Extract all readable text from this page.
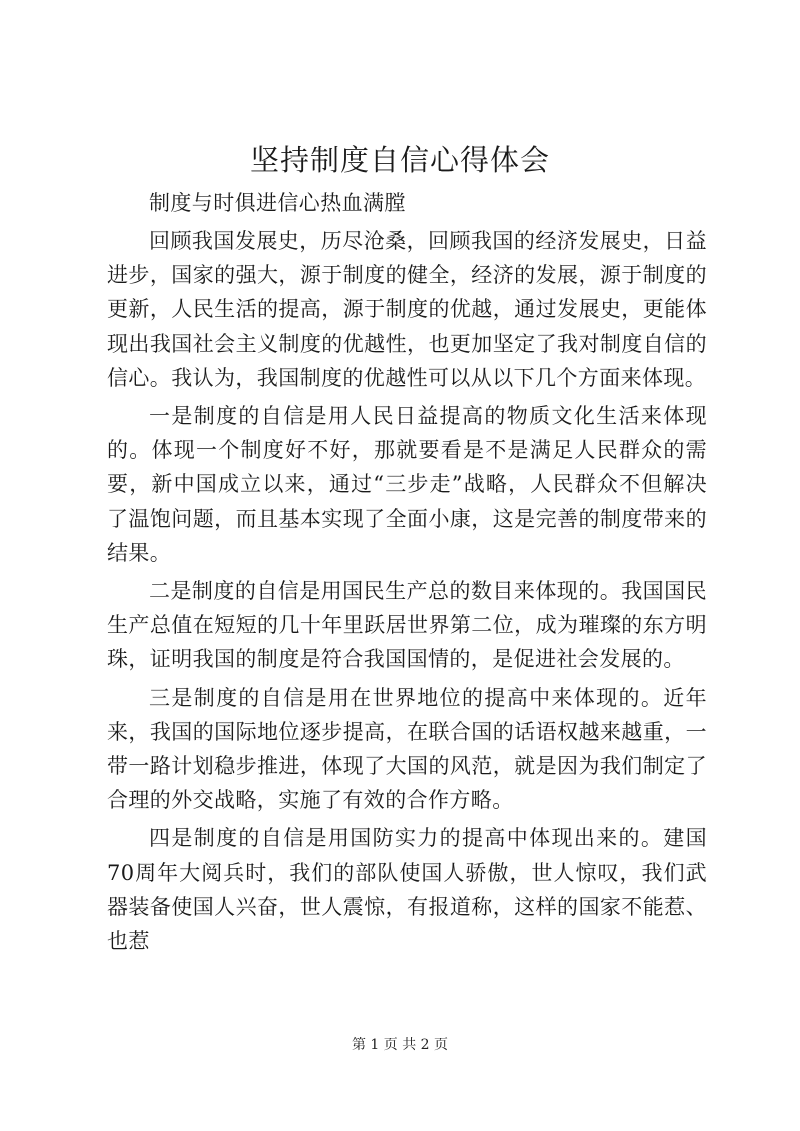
坚持制度自信心得体会

制度与时俱进信心热血满膛

回顾我国发展史，历尽沧桑，回顾我国的经济发展史，日益进步，国家的强大，源于制度的健全，经济的发展，源于制度的更新，人民生活的提高，源于制度的优越，通过发展史，更能体现出我国社会主义制度的优越性，也更加坚定了我对制度自信的信心。我认为，我国制度的优越性可以从以下几个方面来体现。

一是制度的自信是用人民日益提高的物质文化生活来体现的。体现一个制度好不好，那就要看是不是满足人民群众的需要，新中国成立以来，通过“三步走”战略，人民群众不但解决了温饱问题，而且基本实现了全面小康，这是完善的制度带来的结果。

二是制度的自信是用国民生产总的数目来体现的。我国国民生产总值在短短的几十年里跃居世界第二位，成为璀璨的东方明珠，证明我国的制度是符合我国国情的，是促进社会发展的。

三是制度的自信是用在世界地位的提高中来体现的。近年来，我国的国际地位逐步提高，在联合国的话语权越来越重，一带一路计划稳步推进，体现了大国的风范，就是因为我们制定了合理的外交战略，实施了有效的合作方略。

四是制度的自信是用国防实力的提高中体现出来的。建国70周年大阅兵时，我们的部队使国人骄傲，世人惊叹，我们武器装备使国人兴奋，世人震惊，有报道称，这样的国家不能惹、也惹

第 1 页 共 2 页
